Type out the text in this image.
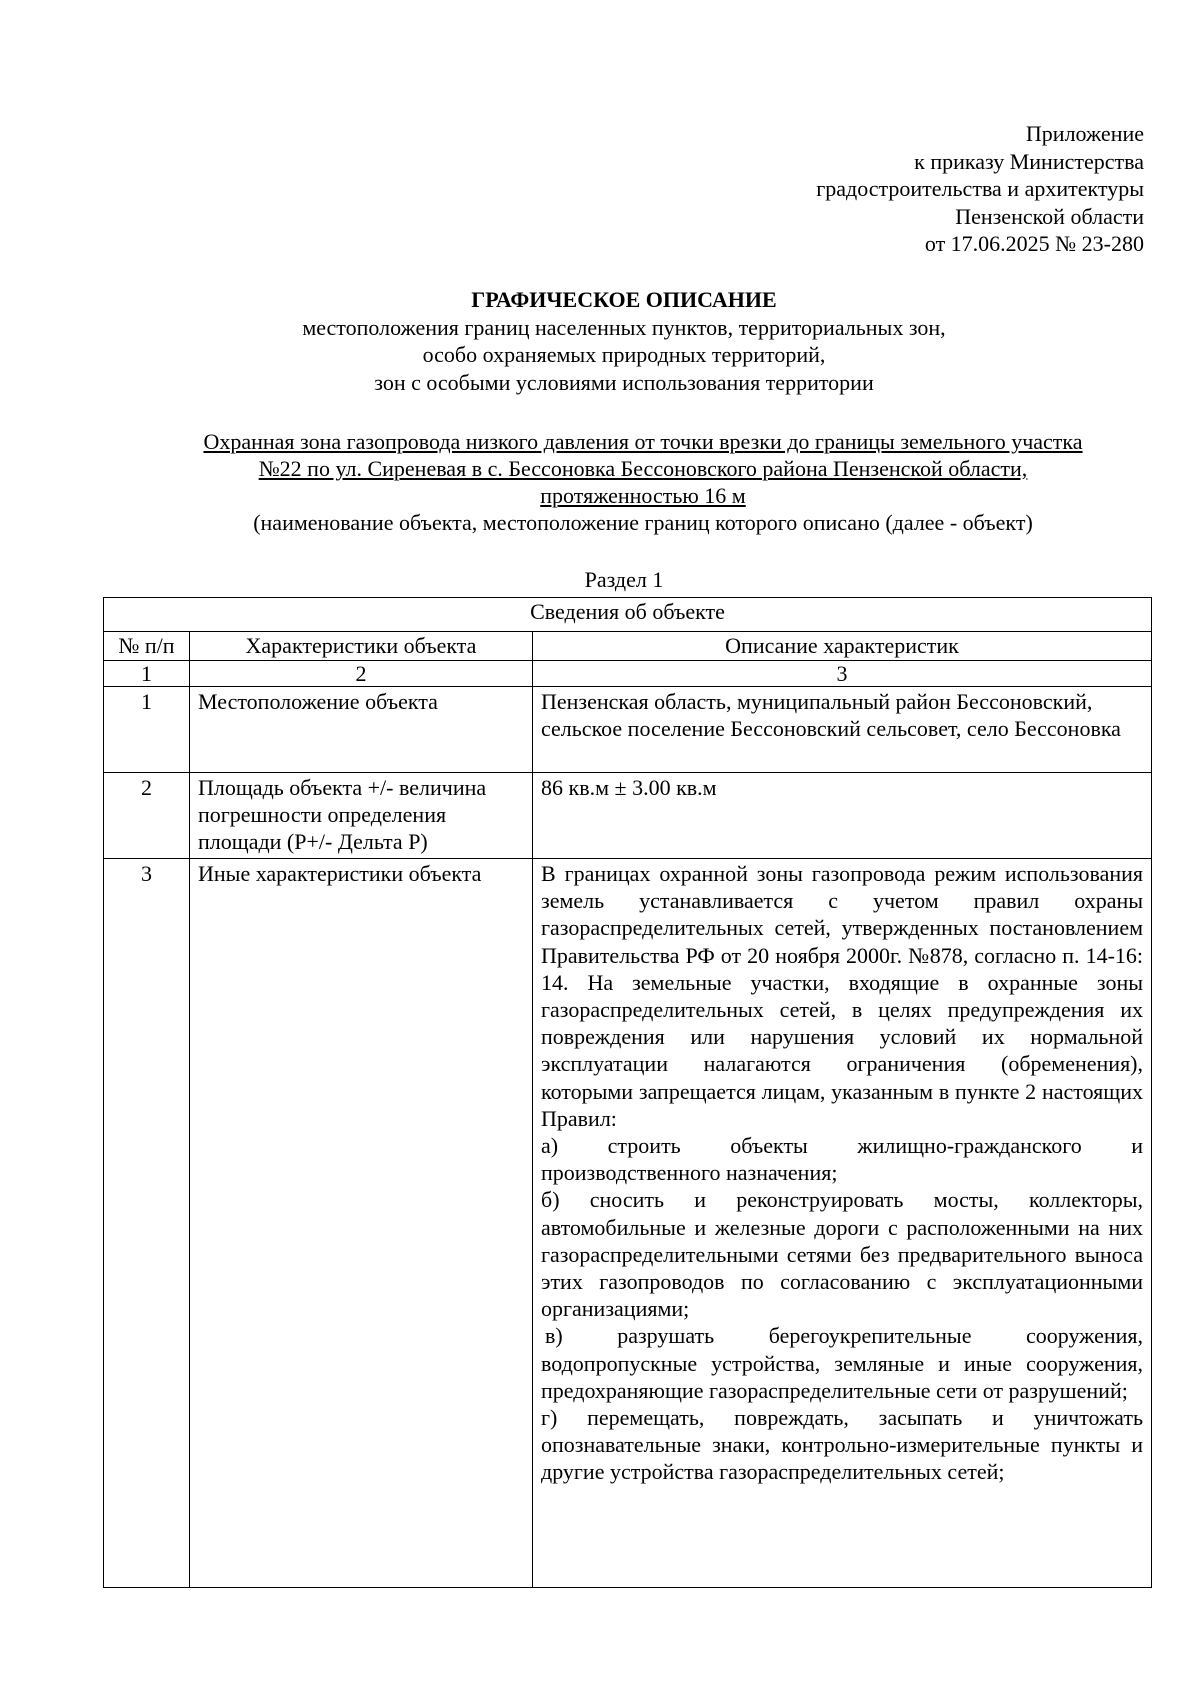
Приложение
к приказу Министерства
градостроительства и архитектуры
Пензенской области
от 17.06.2025 № 23-280
ГРАФИЧЕСКОЕ ОПИСАНИЕ
местоположения границ населенных пунктов, территориальных зон,
особо охраняемых природных территорий,
зон с особыми условиями использования территории
Охранная зона газопровода низкого давления от точки врезки до границы земельного участка
№22 по ул. Сиреневая в с. Бессоновка Бессоновского района Пензенской области,
протяженностью 16 м
(наименование объекта, местоположение границ которого описано (далее - объект)
Раздел 1
Сведения об объекте		
№ п/п	Характеристики объекта	Описание характеристик
1	2	3
1	Местоположение объекта	Пензенская область, муниципальный район Бессоновский, сельское поселение Бессоновский сельсовет, село Бессоновка
2	Площадь объекта +/- величина погрешности определения площади (Р+/- Дельта Р)	86 кв.м ± 3.00 кв.м
3	Иные характеристики объекта	В границах охранной зоны газопровода режим использования земель устанавливается с учетом правил охраны газораспределительных сетей, утвержденных постановлением Правительства РФ от 20 ноября 2000г. №878, согласно п. 14-16: 14. На земельные участки, входящие в охранные зоны газораспределительных сетей, в целях предупреждения их повреждения или нарушения условий их нормальной эксплуатации налагаются ограничения (обременения), которыми запрещается лицам, указанным в пункте 2 настоящих Правил:

а) строить объекты жилищно-гражданского и производственного назначения;

б) сносить и реконструировать мосты, коллекторы, автомобильные и железные дороги с расположенными на них газораспределительными сетями без предварительного выноса этих газопроводов по согласованию с эксплуатационными организациями;

в) разрушать берегоукрепительные сооружения, водопропускные устройства, земляные и иные сооружения, предохраняющие газораспределительные сети от разрушений;

г) перемещать, повреждать, засыпать и уничтожать опознавательные знаки, контрольно-измерительные пункты и другие устройства газораспределительных сетей;
